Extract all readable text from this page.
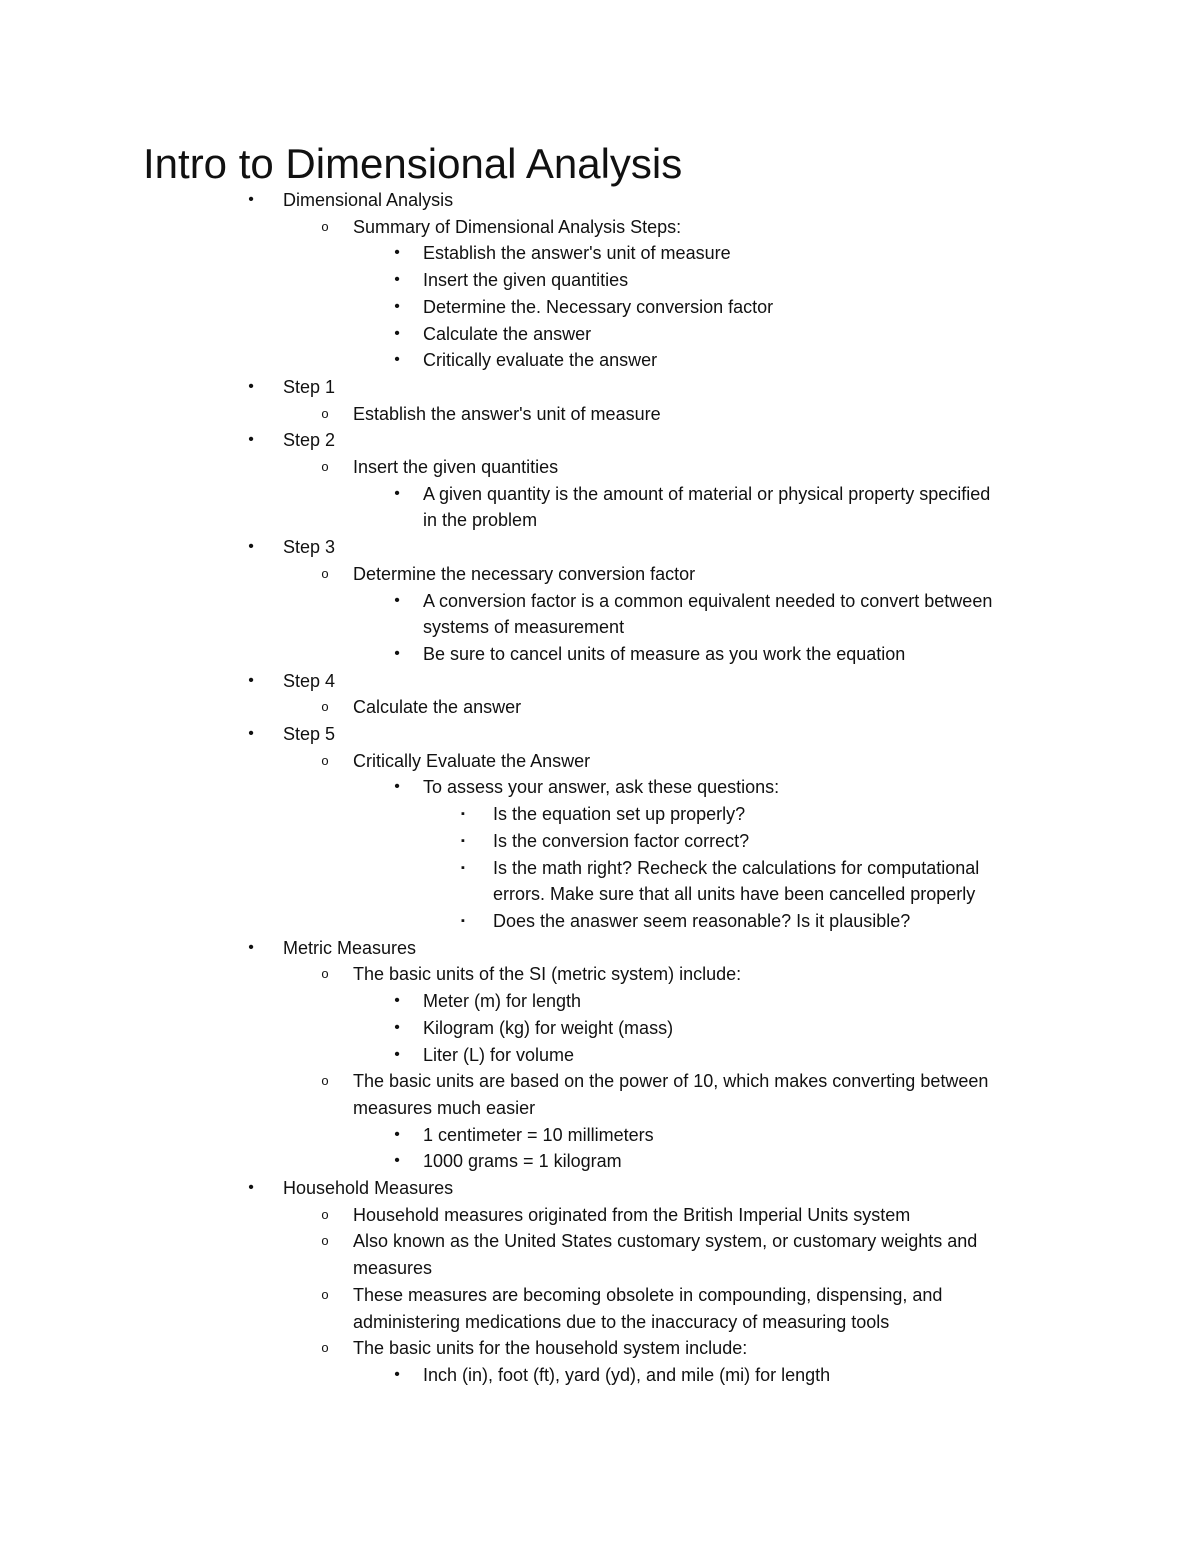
Intro to Dimensional Analysis
•	Dimensional Analysis
o	Summary of Dimensional Analysis Steps:
•	Establish the answer's unit of measure
•	Insert the given quantities
•	Determine the. Necessary conversion factor
•	Calculate the answer
•	Critically evaluate the answer
•	Step 1
o	Establish the answer's unit of measure
•	Step 2
o	Insert the given quantities
•	A given quantity is the amount of material or physical property specified
in the problem
•	Step 3
o	Determine the necessary conversion factor
•	A conversion factor is a common equivalent needed to convert between
systems of measurement
•	Be sure to cancel units of measure as you work the equation
•	Step 4
o	Calculate the answer
•	Step 5
o	Critically Evaluate the Answer
•	To assess your answer, ask these questions:
▪	Is the equation set up properly?
▪	Is the conversion factor correct?
▪	Is the math right? Recheck the calculations for computational
errors. Make sure that all units have been cancelled properly
▪	Does the anaswer seem reasonable? Is it plausible?
•	Metric Measures
o	The basic units of the SI (metric system) include:
•	Meter (m) for length
•	Kilogram (kg) for weight (mass)
•	Liter (L) for volume
o	The basic units are based on the power of 10, which makes converting between
measures much easier
•	1 centimeter = 10 millimeters
•	1000 grams = 1 kilogram
•	Household Measures
o	Household measures originated from the British Imperial Units system
o	Also known as the United States customary system, or customary weights and
measures
o	These measures are becoming obsolete in compounding, dispensing, and
administering medications due to the inaccuracy of measuring tools
o	The basic units for the household system include:
•	Inch (in), foot (ft), yard (yd), and mile (mi) for length
